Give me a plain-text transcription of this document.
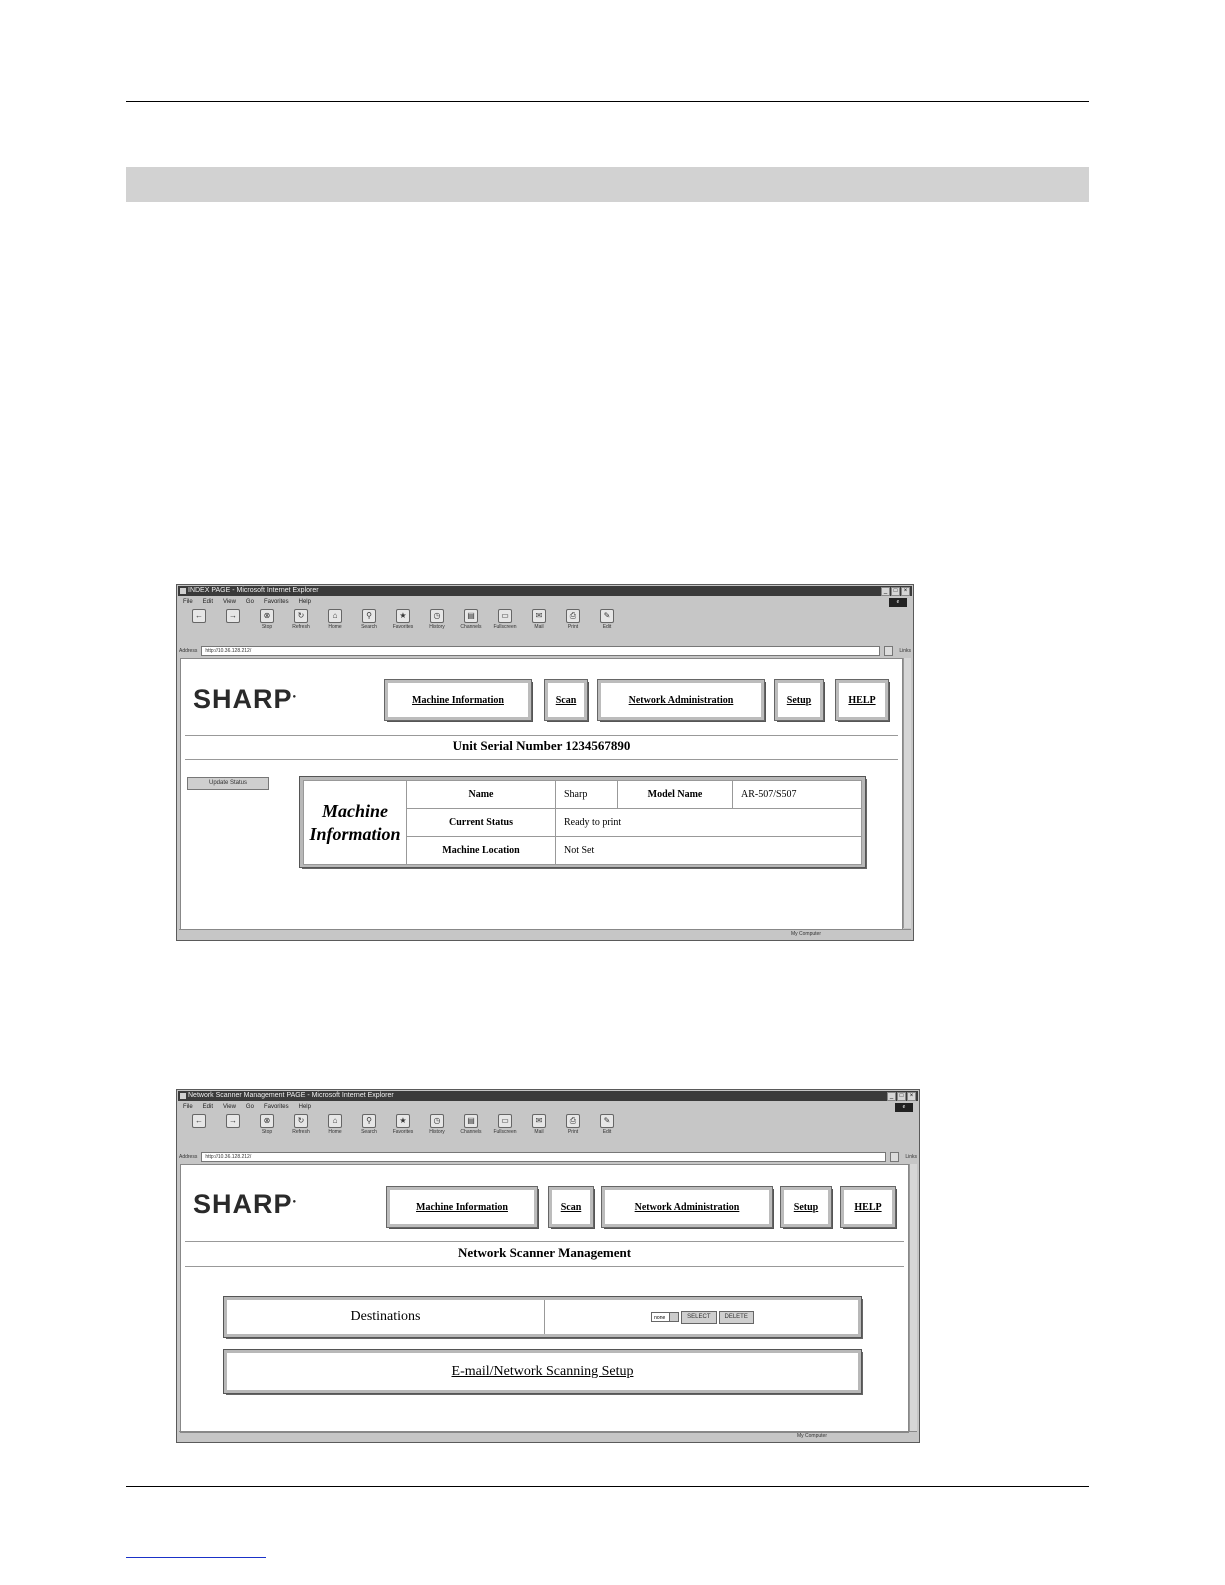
INDEX PAGE - Microsoft Internet Explorer	_	□	×
File Edit View Go Favorites Help	e
←	→	⊗
Stop
↻
Refresh
⌂
Home
⚲
Search
★
Favorites
◷
History
▤
Channels
▭
Fullscreen
✉
Mail
⎙
Print
✎
Edit
Address	http://10.36.128.212/	Links
SHARP●	Machine Information	Scan	Network Administration	Setup	HELP
Unit Serial Number 1234567890
Update Status
Machine
Information	Name	Sharp	Model Name	AR-507/S507
	Current Status	Ready to print		
	Machine Location	Not Set		
My Computer
Network Scanner Management PAGE - Microsoft Internet Explorer	_	□	×
File Edit View Go Favorites Help	e
←	→	⊗
Stop
↻
Refresh
⌂
Home
⚲
Search
★
Favorites
◷
History
▤
Channels
▭
Fullscreen
✉
Mail
⎙
Print
✎
Edit
Address	http://10.36.128.212/	Links
SHARP●	Machine Information	Scan	Network Administration	Setup	HELP
Network Scanner Management
Destinations	none	SELECT	DELETE
E-mail/Network Scanning Setup
My Computer
